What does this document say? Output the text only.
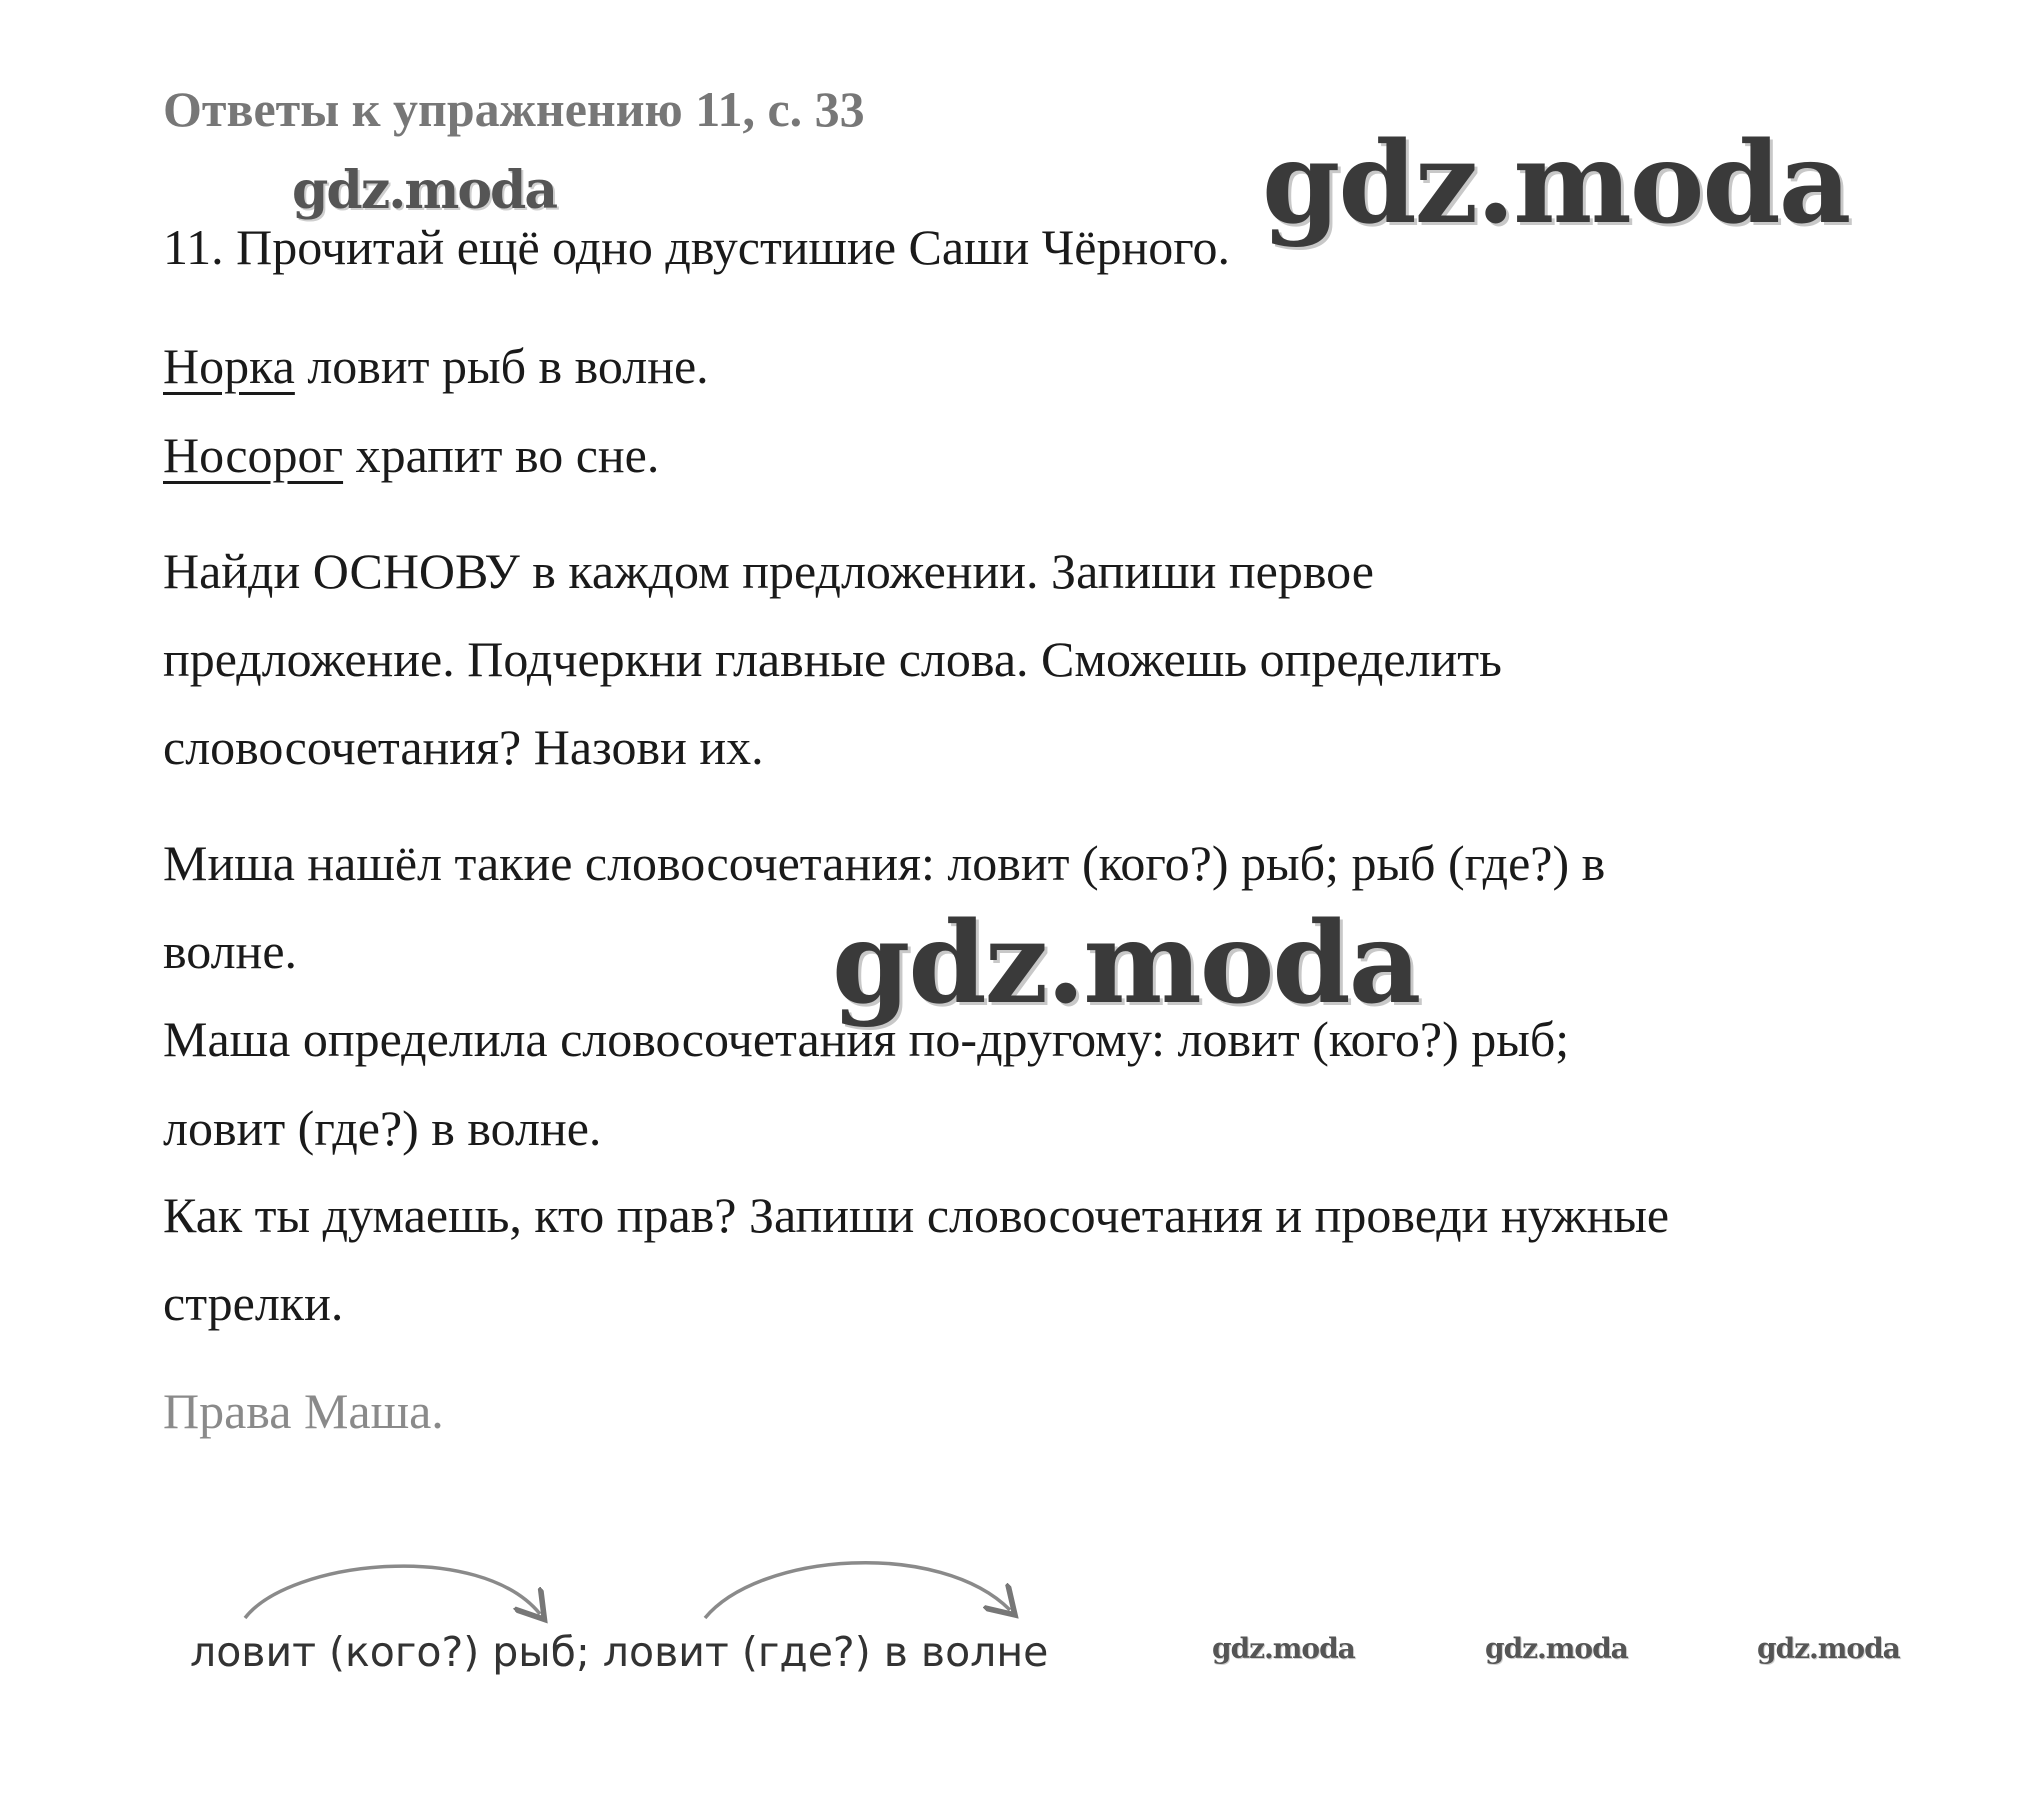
Ответы к упражнению 11, с. 33
gdz.moda	gdz.moda
11. Прочитай ещё одно двустишие Саши Чёрного.
Норка ловит рыб в волне.
Носорог храпит во сне.
Найди ОСНОВУ в каждом предложении. Запиши первое
предложение. Подчеркни главные слова. Сможешь определить
словосочетания? Назови их.
Миша нашёл такие словосочетания: ловит (кого?) рыб; рыб (где?) в
волне.	gdz.moda
Маша определила словосочетания по-другому: ловит (кого?) рыб;
ловит (где?) в волне.
Как ты думаешь, кто прав? Запиши словосочетания и проведи нужные
стрелки.
Права Маша.
ловит (кого?) рыб; ловит (где?) в волне	gdz.moda	gdz.moda	gdz.moda
